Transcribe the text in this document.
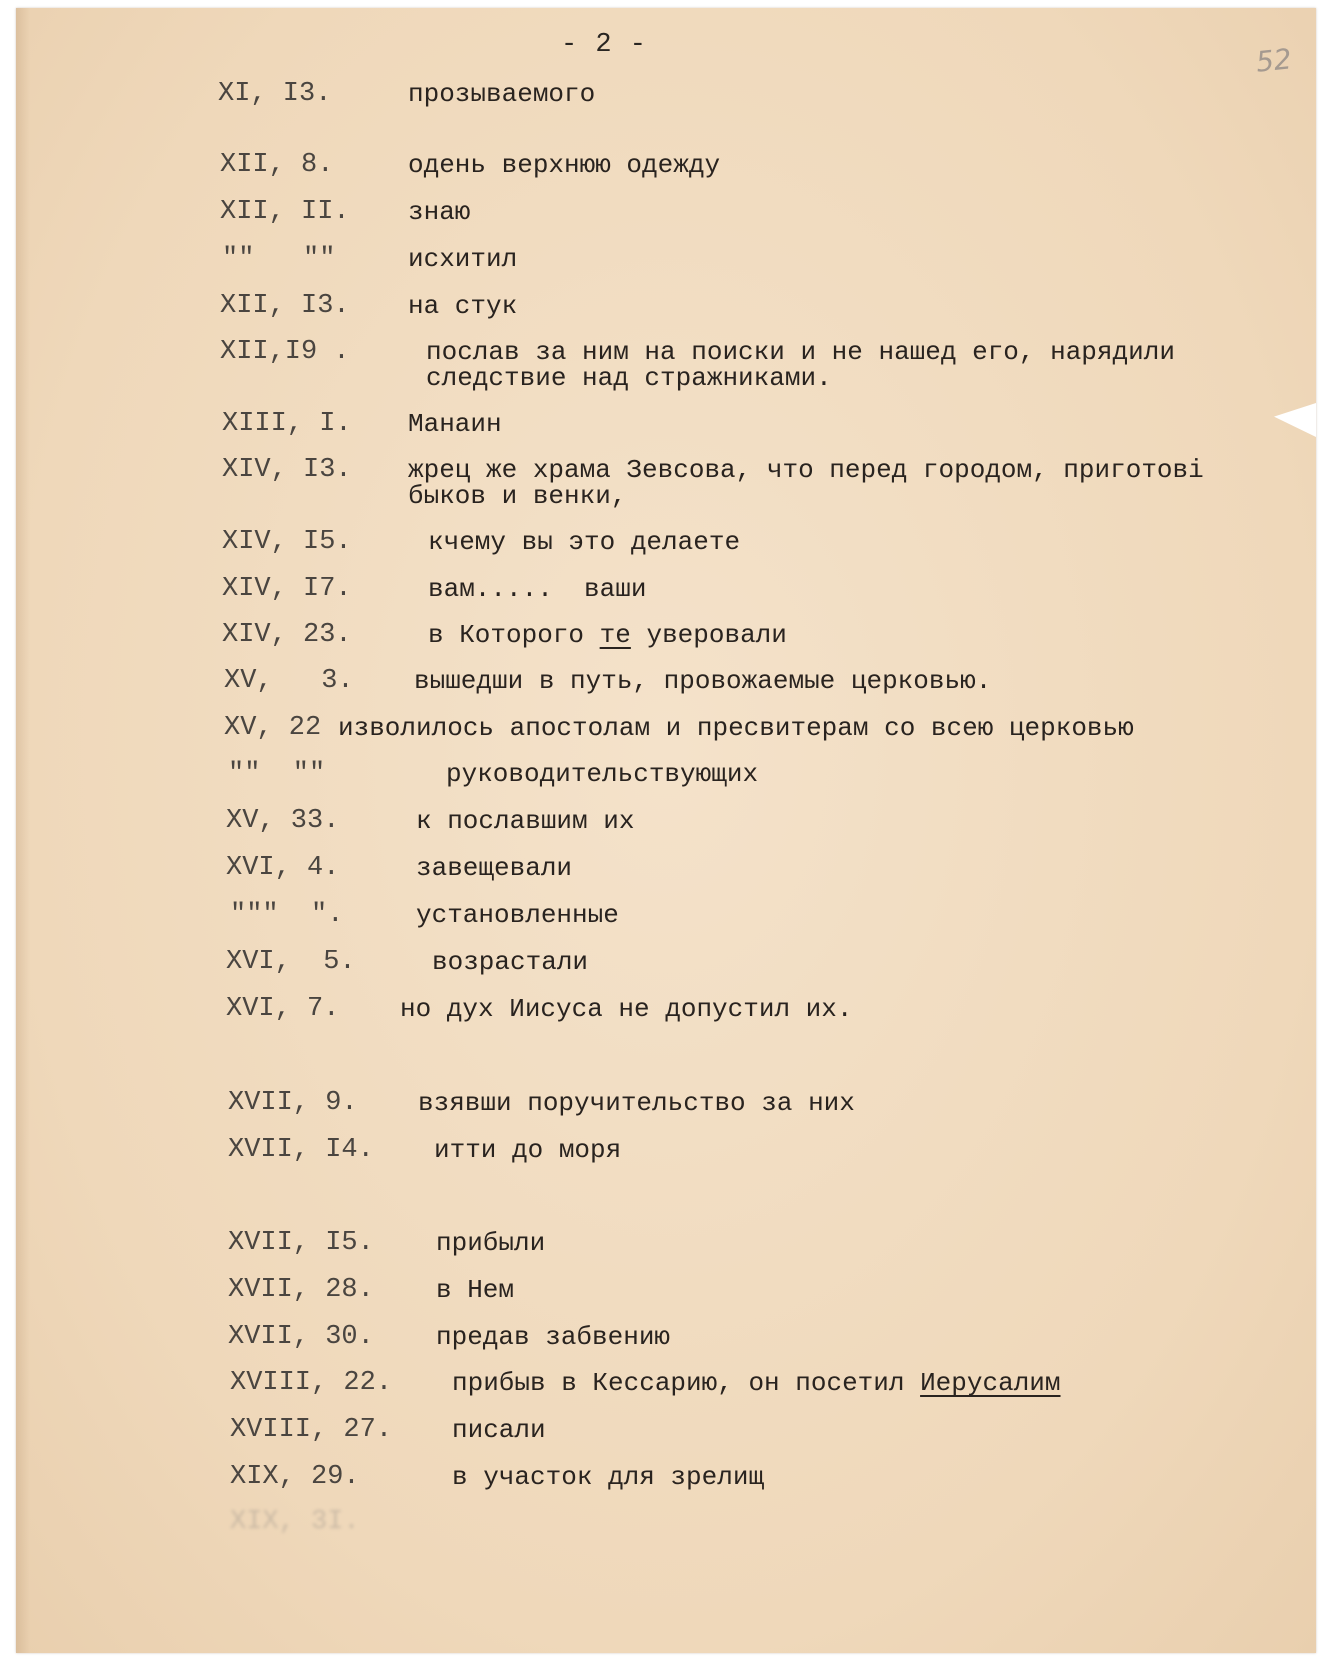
- 2 -	52
XI, I3.	прозываемого
XII, 8.	одень верхнюю одежду
XII, II. знаю
""   ""	исхитил
XII, I3. на стук
XII,I9 .	послав за ним на поиски и не нашед его, нарядили
следствие над стражниками.
XIII, I. Манаин
XIV, I3. жрец же храма Зевсова, что перед городом, приготові
быков и венки,
XIV, I5.	кчему вы это делаете
XIV, I7.	вам.....  ваши
XIV, 23.	в Которого те уверовали
XV,   3. вышедши в путь, провожаемые церковью.
XV, 22 изволилось апостолам и пресвитерам со всею церковью
""  ""	руководительствующих
XV, 33.	к пославшим их
XVI, 4.	завещевали
"""  ".	установленные
XVI,  5.	возрастали
XVI, 7. но дух Иисуса не допустил их.
XVII, 9. взявши поручительство за них
XVII, I4. итти до моря
XVII, I5. прибыли
XVII, 28. в Нем
XVII, 30. предав забвению
XVIII, 22. прибыв в Кессарию, он посетил Иерусалим
XVIII, 27. писали
XIX, 29.	в участок для зрелищ
XIX, 3I.
